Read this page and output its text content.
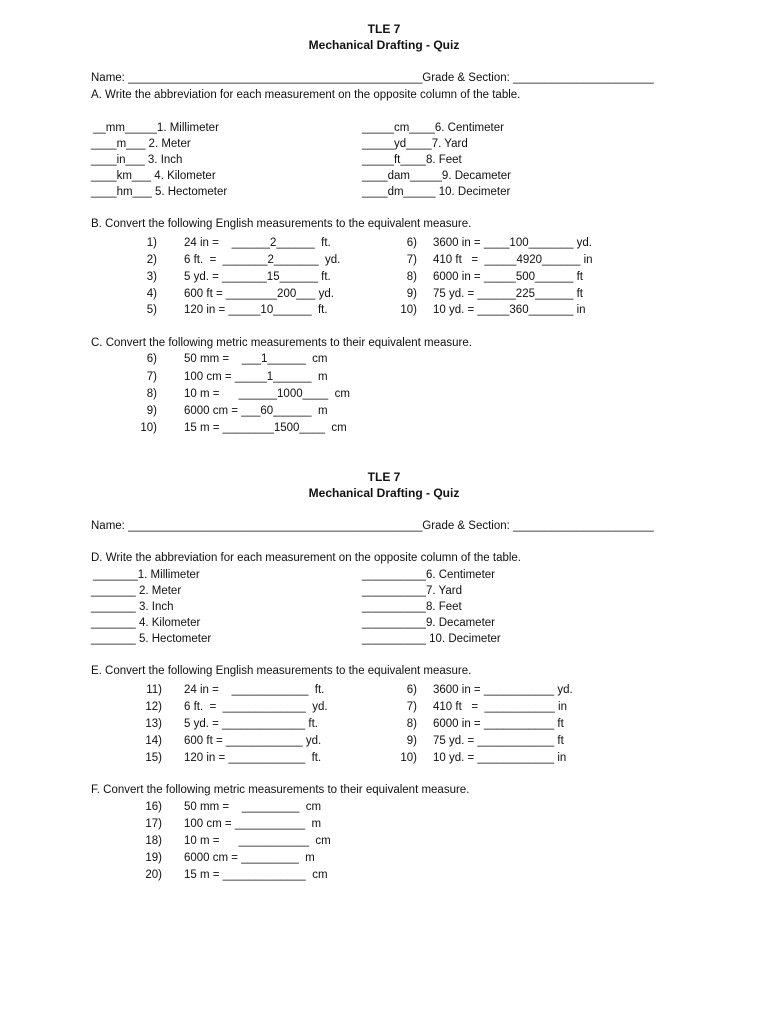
TLE 7
Mechanical Drafting - Quiz
Name: ______________________________________________Grade & Section: ______________________
A. Write the abbreviation for each measurement on the opposite column of the table.
__mm_____1. Millimeter
____m___ 2. Meter
____in___ 3. Inch
____km___ 4. Kilometer
____hm___ 5. Hectometer
_____cm____6. Centimeter
_____yd____7. Yard
_____ft____8. Feet
____dam_____9. Decameter
____dm_____ 10. Decimeter
B. Convert the following English measurements to the equivalent measure.
1) 24 in =    ______2______  ft.
2) 6 ft.  =  _______2_______  yd.
3) 5 yd. = _______15______ ft.
4) 600 ft = ________200___ yd.
5) 120 in = _____10______  ft.
6) 3600 in = ____100_______ yd.
7) 410 ft   =  _____4920______ in
8) 6000 in = _____500______ ft
9) 75 yd. = ______225______ ft
10) 10 yd. = _____360_______ in
C. Convert the following metric measurements to their equivalent measure.
6) 50 mm =    ___1______  cm
7) 100 cm = _____1______  m
8) 10 m =      ______1000____  cm
9) 6000 cm = ___60______  m
10) 15 m = ________1500____  cm
TLE 7
Mechanical Drafting - Quiz
Name: ______________________________________________Grade & Section: ______________________
D. Write the abbreviation for each measurement on the opposite column of the table.
_______1. Millimeter
_______ 2. Meter
_______ 3. Inch
_______ 4. Kilometer
_______ 5. Hectometer
__________6. Centimeter
__________7. Yard
__________8. Feet
__________9. Decameter
__________ 10. Decimeter
E. Convert the following English measurements to the equivalent measure.
11) 24 in =    ____________  ft.
12) 6 ft.  =  _____________  yd.
13) 5 yd. = _____________ ft.
14) 600 ft = ____________ yd.
15) 120 in = ____________  ft.
6) 3600 in = ___________ yd.
7) 410 ft   =  ___________ in
8) 6000 in = ___________ ft
9) 75 yd. = ____________ ft
10) 10 yd. = ____________ in
F. Convert the following metric measurements to their equivalent measure.
16) 50 mm =    _________  cm
17) 100 cm = ___________  m
18) 10 m =      ___________  cm
19) 6000 cm = _________  m
20) 15 m = _____________  cm
